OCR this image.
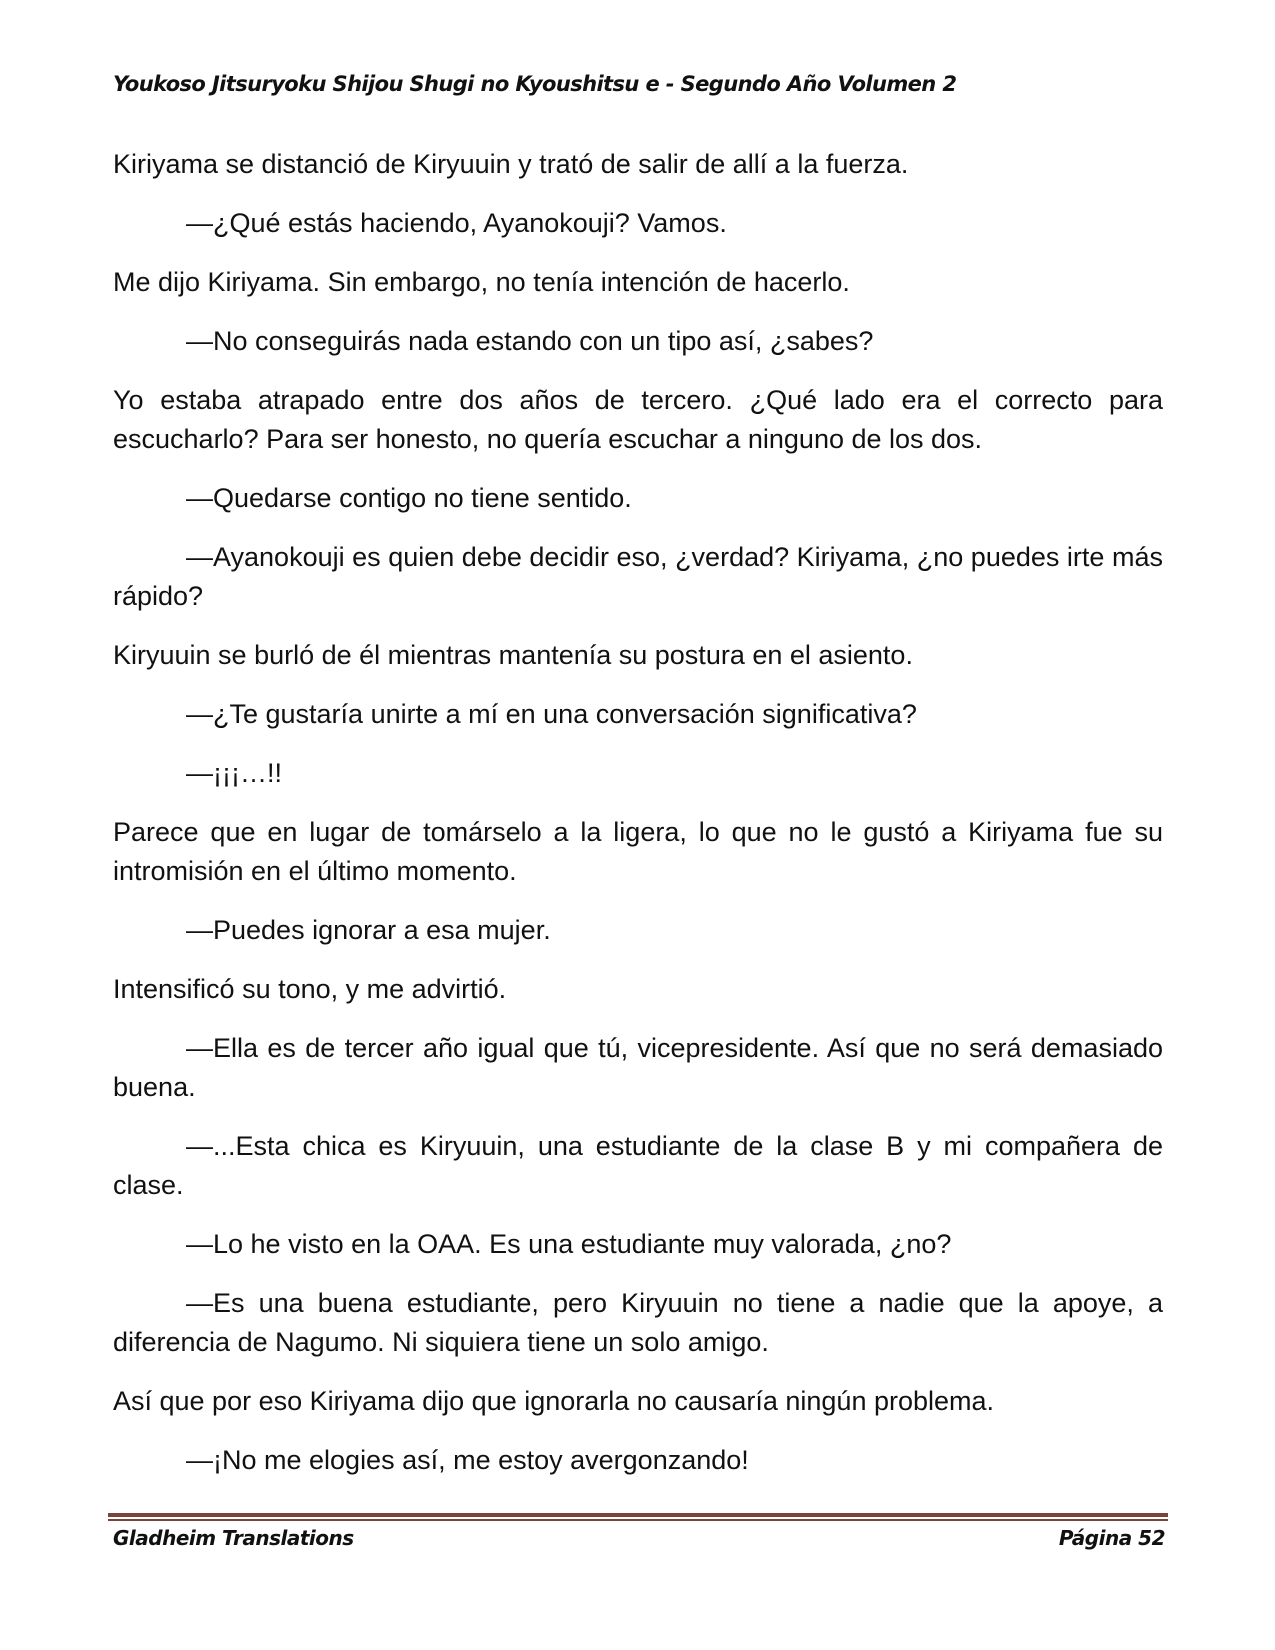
Youkoso Jitsuryoku Shijou Shugi no Kyoushitsu e - Segundo Año Volumen 2

Kiriyama se distanció de Kiryuuin y trató de salir de allí a la fuerza.

—¿Qué estás haciendo, Ayanokouji? Vamos.

Me dijo Kiriyama. Sin embargo, no tenía intención de hacerlo.

—No conseguirás nada estando con un tipo así, ¿sabes?

Yo estaba atrapado entre dos años de tercero. ¿Qué lado era el correcto para escucharlo? Para ser honesto, no quería escuchar a ninguno de los dos.

—Quedarse contigo no tiene sentido.

—Ayanokouji es quien debe decidir eso, ¿verdad? Kiriyama, ¿no puedes irte más rápido?

Kiryuuin se burló de él mientras mantenía su postura en el asiento.

—¿Te gustaría unirte a mí en una conversación significativa?

—¡¡¡…!!

Parece que en lugar de tomárselo a la ligera, lo que no le gustó a Kiriyama fue su intromisión en el último momento.

—Puedes ignorar a esa mujer.

Intensificó su tono, y me advirtió.

—Ella es de tercer año igual que tú, vicepresidente. Así que no será demasiado buena.

—...Esta chica es Kiryuuin, una estudiante de la clase B y mi compañera de clase.

—Lo he visto en la OAA. Es una estudiante muy valorada, ¿no?

—Es una buena estudiante, pero Kiryuuin no tiene a nadie que la apoye, a diferencia de Nagumo. Ni siquiera tiene un solo amigo.

Así que por eso Kiriyama dijo que ignorarla no causaría ningún problema.

—¡No me elogies así, me estoy avergonzando!

Gladheim Translations	Página 52
